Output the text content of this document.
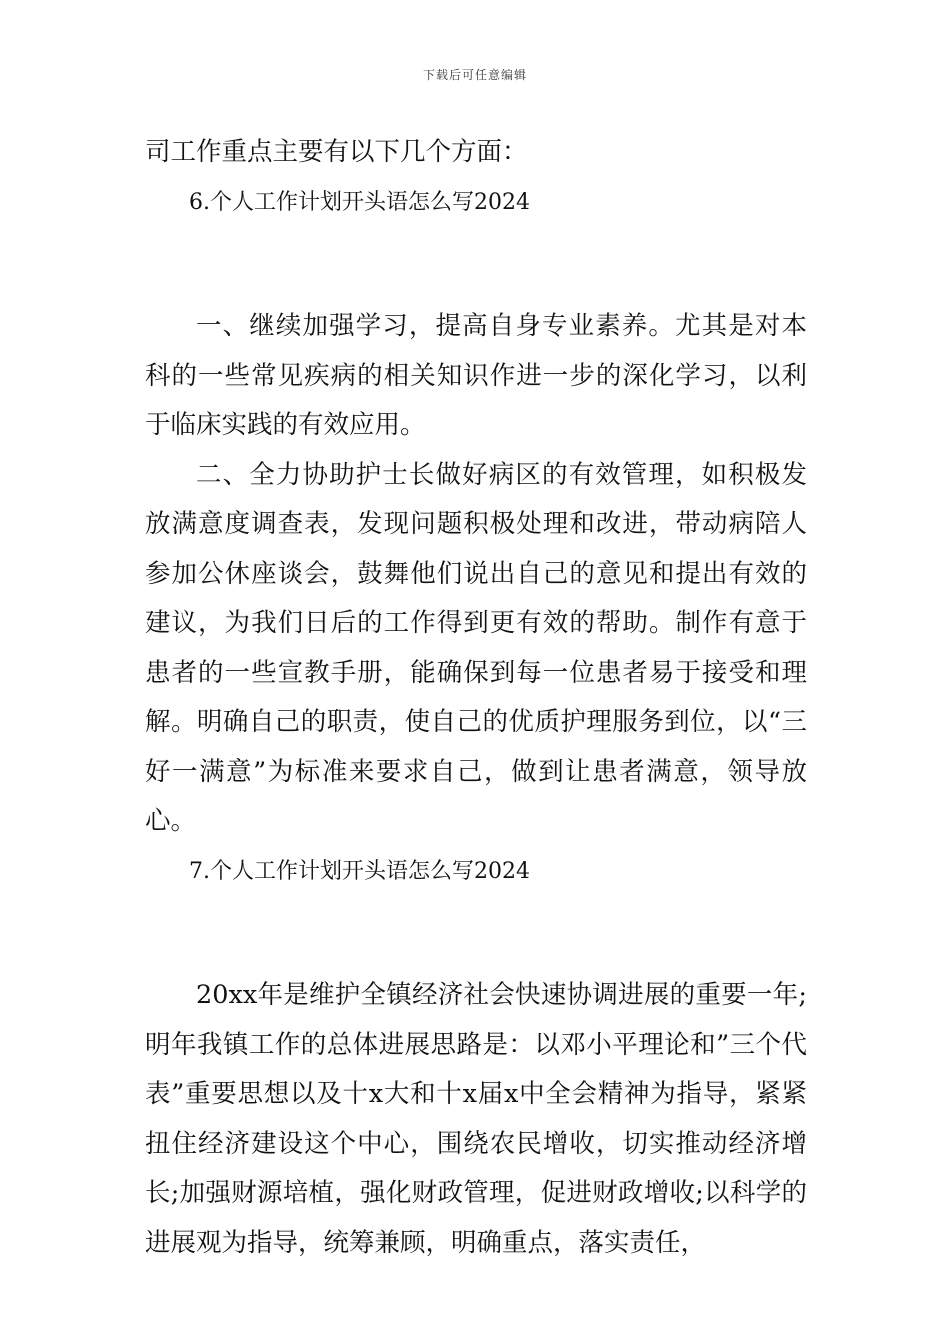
下载后可任意编辑

司工作重点主要有以下几个方面：

6.个人工作计划开头语怎么写2024

一、继续加强学习，提高自身专业素养。尤其是对本科的一些常见疾病的相关知识作进一步的深化学习，以利于临床实践的有效应用。

二、全力协助护士长做好病区的有效管理，如积极发放满意度调查表，发现问题积极处理和改进，带动病陪人参加公休座谈会，鼓舞他们说出自己的意见和提出有效的建议，为我们日后的工作得到更有效的帮助。制作有意于患者的一些宣教手册，能确保到每一位患者易于接受和理解。明确自己的职责，使自己的优质护理服务到位，以“三好一满意”为标准来要求自己，做到让患者满意，领导放心。

7.个人工作计划开头语怎么写2024

20xx年是维护全镇经济社会快速协调进展的重要一年;明年我镇工作的总体进展思路是：以邓小平理论和”三个代表”重要思想以及十x大和十x届x中全会精神为指导，紧紧扭住经济建设这个中心，围绕农民增收，切实推动经济增长;加强财源培植，强化财政管理，促进财政增收;以科学的进展观为指导，统筹兼顾，明确重点，落实责任，
